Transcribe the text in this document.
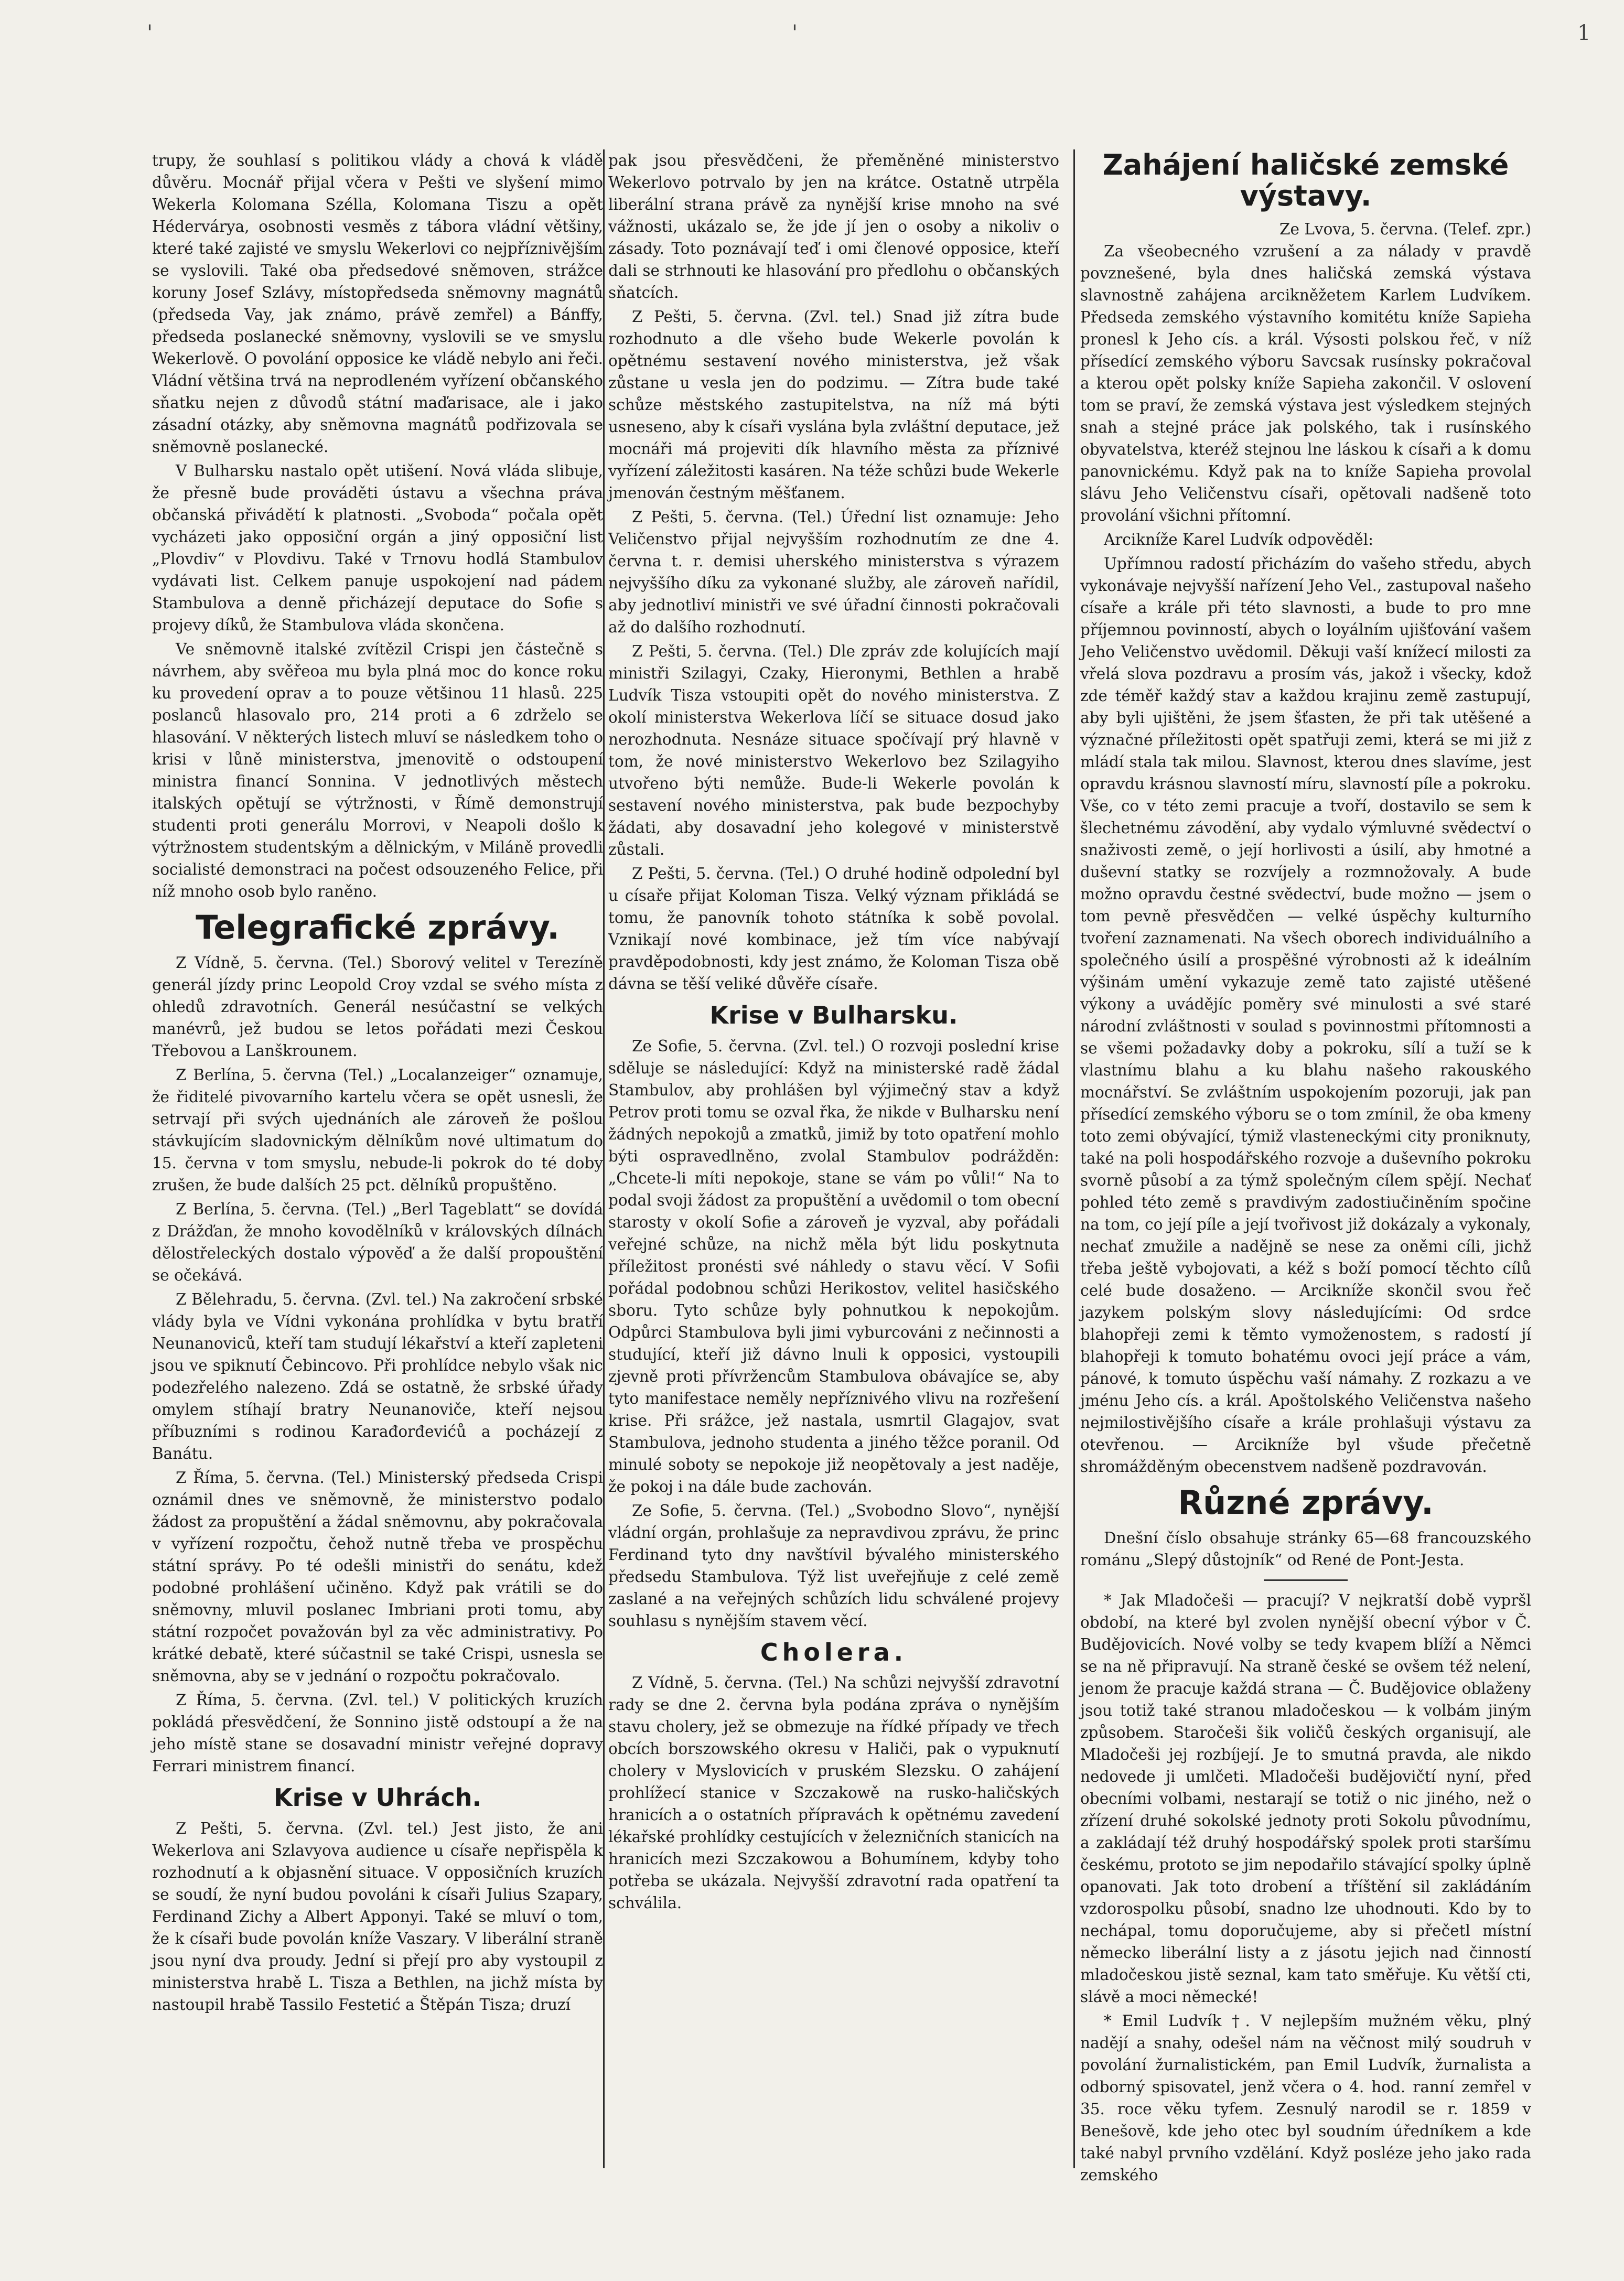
'	'	1

trupy, že souhlasí s politikou vlády a chová k vládě důvěru. Mocnář přijal včera v Pešti ve slyšení mimo Wekerla Kolomana Szélla, Kolomana Tiszu a opět Hédervárya, osobnosti vesměs z tábora vládní většiny, které také zajisté ve smyslu Wekerlovi co nejpříznivějším se vyslovili. Také oba předsedové sněmoven, strážce koruny Josef Szlávy, místopředseda sněmovny magnátů (předseda Vay, jak známo, právě zemřel) a Bánffy, předseda poslanecké sněmovny, vyslovili se ve smyslu Wekerlově. O povolání opposice ke vládě nebylo ani řeči. Vládní většina trvá na neprodleném vyřízení občanského sňatku nejen z důvodů státní maďarisace, ale i jako zásadní otázky, aby sněmovna magnátů podřizovala se sněmovně poslanecké.

V Bulharsku nastalo opět utišení. Nová vláda slibuje, že přesně bude prováděti ústavu a všechna práva občanská přivádětí k platnosti. „Svoboda“ počala opět vycházeti jako opposiční orgán a jiný opposiční list „Plovdiv“ v Plovdivu. Také v Trnovu hodlá Stambulov vydávati list. Celkem panuje uspokojení nad pádem Stambulova a denně přicházejí deputace do Sofie s projevy díků, že Stambulova vláda skončena.

Ve sněmovně italské zvítězil Crispi jen částečně s návrhem, aby svěřeoa mu byla plná moc do konce roku ku provedení oprav a to pouze většinou 11 hlasů. 225 poslanců hlasovalo pro, 214 proti a 6 zdrželo se hlasování. V některých listech mluví se následkem toho o krisi v lůně ministerstva, jmenovitě o odstoupení ministra financí Sonnina. V jednotlivých městech italských opětují se výtržnosti, v Římě demonstrují studenti proti generálu Morrovi, v Neapoli došlo k výtržnostem studentským a dělnickým, v Miláně provedli socialisté demonstraci na počest odsouzeného Felice, při níž mnoho osob bylo raněno.

Telegrafické zprávy.

Z Vídně, 5. června. (Tel.) Sborový velitel v Terezíně generál jízdy princ Leopold Croy vzdal se svého místa z ohledů zdravotních. Generál nesúčastní se velkých manévrů, jež budou se letos pořádati mezi Českou Třebovou a Lanškrounem.

Z Berlína, 5. června (Tel.) „Localanzeiger“ oznamuje, že řiditelé pivovarního kartelu včera se opět usnesli, že setrvají při svých ujednáních ale zároveň že pošlou stávkujícím sladovnickým dělníkům nové ultimatum do 15. června v tom smyslu, nebude-li pokrok do té doby zrušen, že bude dalších 25 pct. dělníků propuštěno.

Z Berlína, 5. června. (Tel.) „Berl Tageblatt“ se dovídá z Drážďan, že mnoho kovodělníků v královských dílnách dělostřeleckých dostalo výpověď a že další propouštění se očekává.

Z Bělehradu, 5. června. (Zvl. tel.) Na zakročení srbské vlády byla ve Vídni vykonána prohlídka v bytu bratří Neunanoviců, kteří tam studují lékařství a kteří zapleteni jsou ve spiknutí Čebincovo. Při prohlídce nebylo však nic podezřelého nalezeno. Zdá se ostatně, že srbské úřady omylem stíhají bratry Neunanoviče, kteří nejsou příbuzními s rodinou Karađorđevićů a pocházejí z Banátu.

Z Říma, 5. června. (Tel.) Ministerský předseda Crispi oznámil dnes ve sněmovně, že ministerstvo podalo žádost za propuštění a žádal sněmovnu, aby pokračovala v vyřízení rozpočtu, čehož nutně třeba ve prospěchu státní správy. Po té odešli ministři do senátu, kdež podobné prohlášení učiněno. Když pak vrátili se do sněmovny, mluvil poslanec Imbriani proti tomu, aby státní rozpočet považován byl za věc administrativy. Po krátké debatě, které súčastnil se také Crispi, usnesla se sněmovna, aby se v jednání o rozpočtu pokračovalo.

Z Říma, 5. června. (Zvl. tel.) V politických kruzích pokládá přesvědčení, že Sonnino jistě odstoupí a že na jeho místě stane se dosavadní ministr veřejné dopravy Ferrari ministrem financí.

Krise v Uhrách.

Z Pešti, 5. června. (Zvl. tel.) Jest jisto, že ani Wekerlova ani Szlavyova audience u císaře nepřispěla k rozhodnutí a k objasnění situace. V opposičních kruzích se soudí, že nyní budou povoláni k císaři Julius Szapary, Ferdinand Zichy a Albert Apponyi. Také se mluví o tom, že k císaři bude povolán kníže Vaszary. V liberální straně jsou nyní dva proudy. Jední si přejí pro aby vystoupil z ministerstva hrabě L. Tisza a Bethlen, na jichž místa by nastoupil hrabě Tassilo Festetić a Štěpán Tisza; druzí

pak jsou přesvědčeni, že přeměněné ministerstvo Wekerlovo potrvalo by jen na krátce. Ostatně utrpěla liberální strana právě za nynější krise mnoho na své vážnosti, ukázalo se, že jde jí jen o osoby a nikoliv o zásady. Toto poznávají teď i omi členové opposice, kteří dali se strhnouti ke hlasování pro předlohu o občanských sňatcích.

Z Pešti, 5. června. (Zvl. tel.) Snad již zítra bude rozhodnuto a dle všeho bude Wekerle povolán k opětnému sestavení nového ministerstva, jež však zůstane u vesla jen do podzimu. — Zítra bude také schůze městského zastupitelstva, na níž má býti usneseno, aby k císaři vyslána byla zvláštní deputace, jež mocnáři má projeviti dík hlavního města za příznivé vyřízení záležitosti kasáren. Na téže schůzi bude Wekerle jmenován čestným měšťanem.

Z Pešti, 5. června. (Tel.) Úřední list oznamuje: Jeho Veličenstvo přijal nejvyšším rozhodnutím ze dne 4. června t. r. demisi uherského ministerstva s výrazem nejvyššího díku za vykonané služby, ale zároveň nařídil, aby jednotliví ministři ve své úřadní činnosti pokračovali až do dalšího rozhodnutí.

Z Pešti, 5. června. (Tel.) Dle zpráv zde kolujících mají ministři Szilagyi, Czaky, Hieronymi, Bethlen a hrabě Ludvík Tisza vstoupiti opět do nového ministerstva. Z okolí ministerstva Wekerlova líčí se situace dosud jako nerozhodnuta. Nesnáze situace spočívají prý hlavně v tom, že nové ministerstvo Wekerlovo bez Szilagyiho utvořeno býti nemůže. Bude-li Wekerle povolán k sestavení nového ministerstva, pak bude bezpochyby žádati, aby dosavadní jeho kolegové v ministerstvě zůstali.

Z Pešti, 5. června. (Tel.) O druhé hodině odpolední byl u císaře přijat Koloman Tisza. Velký význam přikládá se tomu, že panovník tohoto státníka k sobě povolal. Vznikají nové kombinace, jež tím více nabývají pravděpodobnosti, kdy jest známo, že Koloman Tisza obě dávna se těší veliké důvěře císaře.

Krise v Bulharsku.

Ze Sofie, 5. června. (Zvl. tel.) O rozvoji poslední krise sděluje se následující: Když na ministerské radě žádal Stambulov, aby prohlášen byl výjimečný stav a když Petrov proti tomu se ozval řka, že nikde v Bulharsku není žádných nepokojů a zmatků, jimiž by toto opatření mohlo býti ospravedlněno, zvolal Stambulov podrážděn: „Chcete-li míti nepokoje, stane se vám po vůli!“ Na to podal svoji žádost za propuštění a uvědomil o tom obecní starosty v okolí Sofie a zároveň je vyzval, aby pořádali veřejné schůze, na nichž měla být lidu poskytnuta příležitost pronésti své náhledy o stavu věcí. V Sofii pořádal podobnou schůzi Herikostov, velitel hasičského sboru. Tyto schůze byly pohnutkou k nepokojům. Odpůrci Stambulova byli jimi vyburcováni z nečinnosti a studující, kteří již dávno lnuli k opposici, vystoupili zjevně proti přívržencům Stambulova obávajíce se, aby tyto manifestace neměly nepříznivého vlivu na rozřešení krise. Při srážce, jež nastala, usmrtil Glagajov, svat Stambulova, jednoho studenta a jiného těžce poranil. Od minulé soboty se nepokoje již neopětovaly a jest naděje, že pokoj i na dále bude zachován.

Ze Sofie, 5. června. (Tel.) „Svobodno Slovo“, nynější vládní orgán, prohlašuje za nepravdivou zprávu, že princ Ferdinand tyto dny navštívil bývalého ministerského předsedu Stambulova. Týž list uveřejňuje z celé země zaslané a na veřejných schůzích lidu schválené projevy souhlasu s nynějším stavem věcí.

Cholera.

Z Vídně, 5. června. (Tel.) Na schůzi nejvyšší zdravotní rady se dne 2. června byla podána zpráva o nynějším stavu cholery, jež se obmezuje na řídké případy ve třech obcích borszowského okresu v Haliči, pak o vypuknutí cholery v Myslovicích v pruském Slezsku. O zahájení prohlížecí stanice v Szczakowě na rusko-haličských hranicích a o ostatních přípravách k opětnému zavedení lékařské prohlídky cestujících v železničních stanicích na hranicích mezi Szczakowou a Bohumínem, kdyby toho potřeba se ukázala. Nejvyšší zdravotní rada opatření ta schválila.

Zahájení haličské zemské výstavy.
Ze Lvova, 5. června. (Telef. zpr.)

Za všeobecného vzrušení a za nálady v pravdě povznešené, byla dnes haličská zemská výstava slavnostně zahájena arcikněžetem Karlem Ludvíkem. Předseda zemského výstavního komitétu kníže Sapieha pronesl k Jeho cís. a král. Výsosti polskou řeč, v níž přísedící zemského výboru Savcsak rusínsky pokračoval a kterou opět polsky kníže Sapieha zakončil. V oslovení tom se praví, že zemská výstava jest výsledkem stejných snah a stejné práce jak polského, tak i rusínského obyvatelstva, kteréž stejnou lne láskou k císaři a k domu panovnickému. Když pak na to kníže Sapieha provolal slávu Jeho Veličenstvu císaři, opětovali nadšeně toto provolání všichni přítomní.

Arcikníže Karel Ludvík odpověděl:

Upřímnou radostí přicházím do vašeho středu, abych vykonávaje nejvyšší nařízení Jeho Vel., zastupoval našeho císaře a krále při této slavnosti, a bude to pro mne příjemnou povinností, abych o loyálním ujišťování vašem Jeho Veličenstvo uvědomil. Děkuji vaší knížecí milosti za vřelá slova pozdravu a prosím vás, jakož i všecky, kdož zde téměř každý stav a každou krajinu země zastupují, aby byli ujištěni, že jsem šťasten, že při tak utěšené a význačné příležitosti opět spatřuji zemi, která se mi již z mládí stala tak milou. Slavnost, kterou dnes slavíme, jest opravdu krásnou slavností míru, slavností píle a pokroku. Vše, co v této zemi pracuje a tvoří, dostavilo se sem k šlechetnému závodění, aby vydalo výmluvné svědectví o snaživosti země, o její horlivosti a úsilí, aby hmotné a duševní statky se rozvíjely a rozmnožovaly. A bude možno opravdu čestné svědectví, bude možno — jsem o tom pevně přesvědčen — velké úspěchy kulturního tvoření zaznamenati. Na všech oborech individuálního a společného úsilí a prospěšné výrobnosti až k ideálním výšinám umění vykazuje země tato zajisté utěšené výkony a uvádějíc poměry své minulosti a své staré národní zvláštnosti v soulad s povinnostmi přítomnosti a se všemi požadavky doby a pokroku, sílí a tuží se k vlastnímu blahu a ku blahu našeho rakouského mocnářství. Se zvláštním uspokojením pozoruji, jak pan přísedící zemského výboru se o tom zmínil, že oba kmeny toto zemi obývající, týmiž vlasteneckými city proniknuty, také na poli hospodářského rozvoje a duševního pokroku svorně působí a za týmž společným cílem spějí. Nechať pohled této země s pravdivým zadostiučiněním spočine na tom, co její píle a její tvořivost již dokázaly a vykonaly, nechať zmužile a nadějně se nese za oněmi cíli, jichž třeba ještě vybojovati, a kéž s boží pomocí těchto cílů celé bude dosaženo. — Arcikníže skončil svou řeč jazykem polským slovy následujícími: Od srdce blahopřeji zemi k těmto vymoženostem, s radostí jí blahopřeji k tomuto bohatému ovoci její práce a vám, pánové, k tomuto úspěchu vaší námahy. Z rozkazu a ve jménu Jeho cís. a král. Apoštolského Veličenstva našeho nejmilostivějšího císaře a krále prohlašuji výstavu za otevřenou. — Arcikníže byl všude přečetně shromážděným obecenstvem nadšeně pozdravován.

Různé zprávy.

Dnešní číslo obsahuje stránky 65—68 francouzského románu „Slepý důstojník“ od René de Pont-Jesta.

* Jak Mladočeši — pracují? V nejkratší době vypršl období, na které byl zvolen nynější obecní výbor v Č. Budějovicích. Nové volby se tedy kvapem blíží a Němci se na ně připravují. Na straně české se ovšem též nelení, jenom že pracuje každá strana — Č. Budějovice oblaženy jsou totiž také stranou mladočeskou — k volbám jiným způsobem. Staročeši šik voličů českých organisují, ale Mladočeši jej rozbíjejí. Je to smutná pravda, ale nikdo nedovede ji umlčeti. Mladočeši budějovičtí nyní, před obecními volbami, nestarají se totiž o nic jiného, než o zřízení druhé sokolské jednoty proti Sokolu původnímu, a zakládají též druhý hospodářský spolek proti staršímu českému, prototo se jim nepodařilo stávající spolky úplně opanovati. Jak toto drobení a tříštění sil zakládáním vzdorospolku působí, snadno lze uhodnouti. Kdo by to nechápal, tomu doporučujeme, aby si přečetl místní německo liberální listy a z jásotu jejich nad činností mladočeskou jistě seznal, kam tato směřuje. Ku větší cti, slávě a moci německé!

* Emil Ludvík †. V nejlepším mužném věku, plný nadějí a snahy, odešel nám na věčnost milý soudruh v povolání žurnalistickém, pan Emil Ludvík, žurnalista a odborný spisovatel, jenž včera o 4. hod. ranní zemřel v 35. roce věku tyfem. Zesnulý narodil se r. 1859 v Benešově, kde jeho otec byl soudním úředníkem a kde také nabyl prvního vzdělání. Když posléze jeho jako rada zemského
